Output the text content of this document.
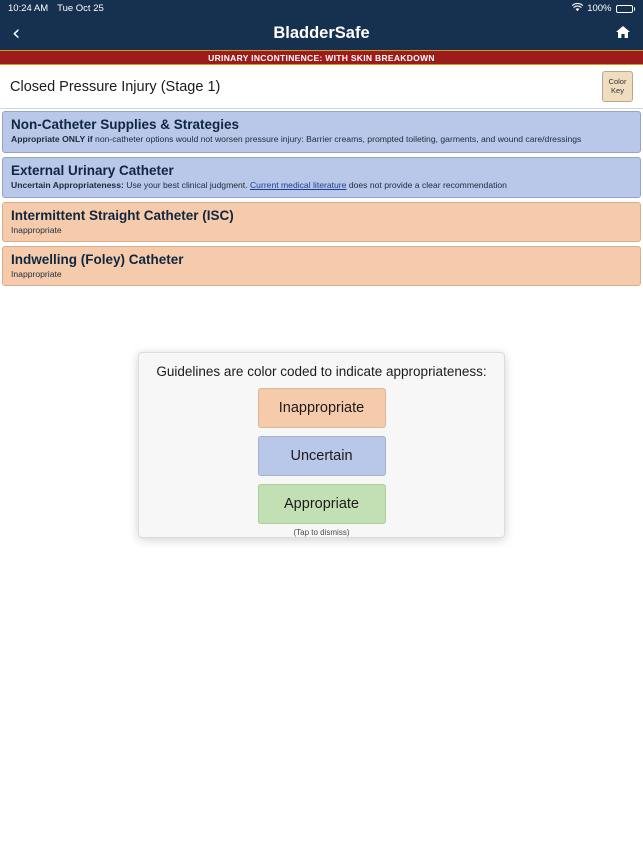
10:24 AM Tue Oct 25	100%
‹	BladderSafe
URINARY INCONTINENCE: WITH SKIN BREAKDOWN
Closed Pressure Injury (Stage 1)	Color
Key
Non-Catheter Supplies & Strategies
Appropriate ONLY if non-catheter options would not worsen pressure injury: Barrier creams, prompted toileting, garments, and wound care/dressings
External Urinary Catheter
Uncertain Appropriateness: Use your best clinical judgment. Current medical literature does not provide a clear recommendation
Intermittent Straight Catheter (ISC)
Inappropriate
Indwelling (Foley) Catheter
Inappropriate
Guidelines are color coded to indicate appropriateness:
Inappropriate
Uncertain
Appropriate
(Tap to dismiss)
